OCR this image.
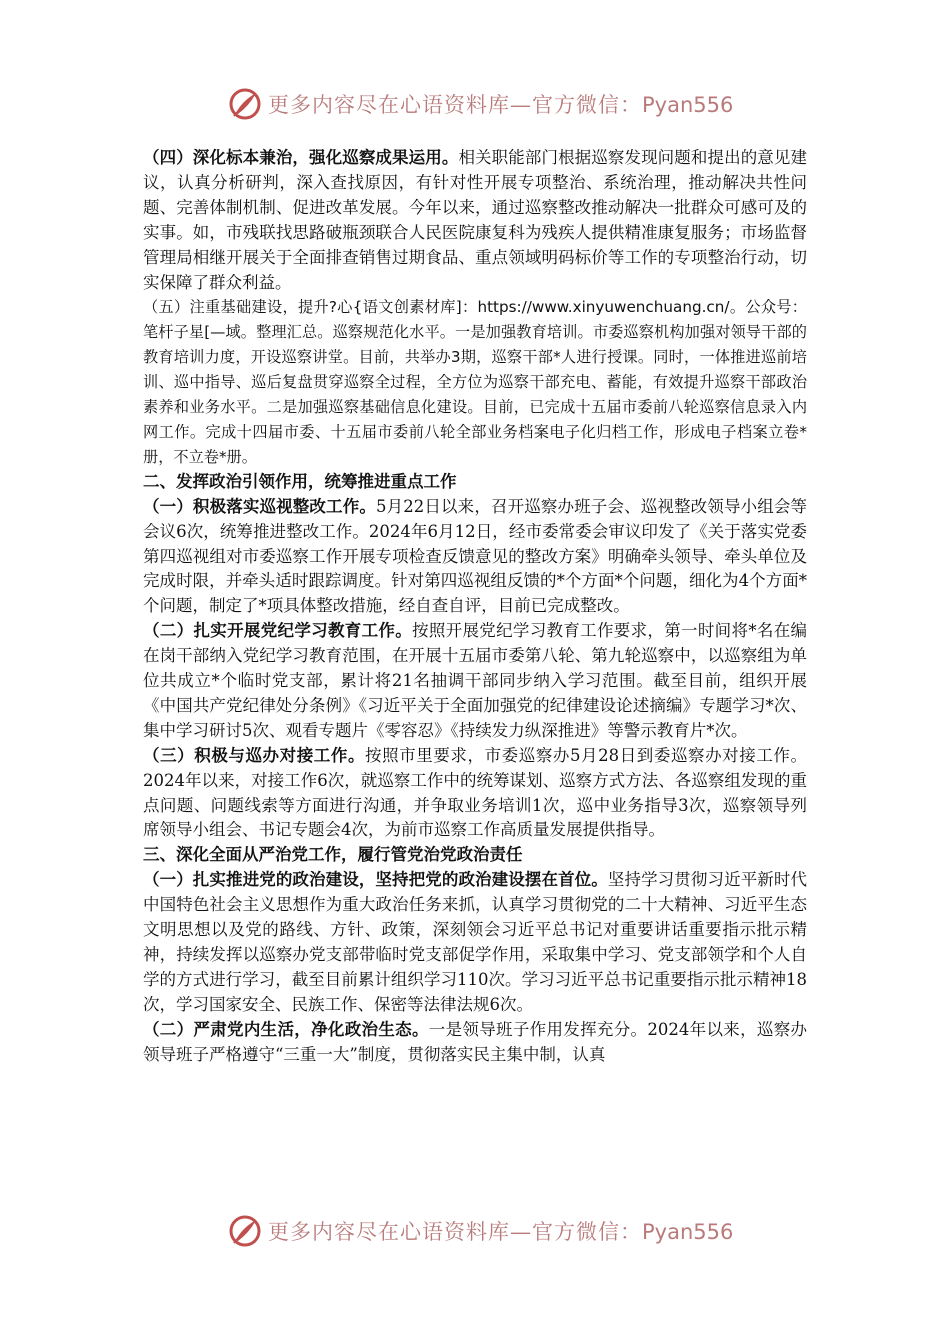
更多内容尽在心语资料库—官方微信：Pyan556

（四）深化标本兼治，强化巡察成果运用。相关职能部门根据巡察发现问题和提出的意见建议，认真分析研判，深入查找原因，有针对性开展专项整治、系统治理，推动解决共性问题、完善体制机制、促进改革发展。今年以来，通过巡察整改推动解决一批群众可感可及的实事。如，市残联找思路破瓶颈联合人民医院康复科为残疾人提供精准康复服务；市场监督管理局相继开展关于全面排查销售过期食品、重点领域明码标价等工作的专项整治行动，切实保障了群众利益。

（五）注重基础建设，提升?心{语文创素材库]：https://www.xinyuwenchuang.cn/。公众号：笔杆子星[—域。整理汇总。巡察规范化水平。一是加强教育培训。市委巡察机构加强对领导干部的教育培训力度，开设巡察讲堂。目前，共举办3期，巡察干部*人进行授课。同时，一体推进巡前培训、巡中指导、巡后复盘贯穿巡察全过程，全方位为巡察干部充电、蓄能，有效提升巡察干部政治素养和业务水平。二是加强巡察基础信息化建设。目前，已完成十五届市委前八轮巡察信息录入内网工作。完成十四届市委、十五届市委前八轮全部业务档案电子化归档工作，形成电子档案立卷*册，不立卷*册。

二、发挥政治引领作用，统筹推进重点工作

（一）积极落实巡视整改工作。5月22日以来，召开巡察办班子会、巡视整改领导小组会等会议6次，统筹推进整改工作。2024年6月12日，经市委常委会审议印发了《关于落实党委第四巡视组对市委巡察工作开展专项检查反馈意见的整改方案》明确牵头领导、牵头单位及完成时限，并牵头适时跟踪调度。针对第四巡视组反馈的*个方面*个问题，细化为4个方面*个问题，制定了*项具体整改措施，经自查自评，目前已完成整改。

（二）扎实开展党纪学习教育工作。按照开展党纪学习教育工作要求，第一时间将*名在编在岗干部纳入党纪学习教育范围，在开展十五届市委第八轮、第九轮巡察中，以巡察组为单位共成立*个临时党支部，累计将21名抽调干部同步纳入学习范围。截至目前，组织开展《中国共产党纪律处分条例》《习近平关于全面加强党的纪律建设论述摘编》专题学习*次、集中学习研讨5次、观看专题片《零容忍》《持续发力纵深推进》等警示教育片*次。

（三）积极与巡办对接工作。按照市里要求，市委巡察办5月28日到委巡察办对接工作。2024年以来，对接工作6次，就巡察工作中的统筹谋划、巡察方式方法、各巡察组发现的重点问题、问题线索等方面进行沟通，并争取业务培训1次，巡中业务指导3次，巡察领导列席领导小组会、书记专题会4次，为前市巡察工作高质量发展提供指导。

三、深化全面从严治党工作，履行管党治党政治责任

（一）扎实推进党的政治建设，坚持把党的政治建设摆在首位。坚持学习贯彻习近平新时代中国特色社会主义思想作为重大政治任务来抓，认真学习贯彻党的二十大精神、习近平生态文明思想以及党的路线、方针、政策，深刻领会习近平总书记对重要讲话重要指示批示精神，持续发挥以巡察办党支部带临时党支部促学作用，采取集中学习、党支部领学和个人自学的方式进行学习，截至目前累计组织学习110次。学习习近平总书记重要指示批示精神18次，学习国家安全、民族工作、保密等法律法规6次。

（二）严肃党内生活，净化政治生态。一是领导班子作用发挥充分。2024年以来，巡察办领导班子严格遵守“三重一大”制度，贯彻落实民主集中制，认真

更多内容尽在心语资料库—官方微信：Pyan556
